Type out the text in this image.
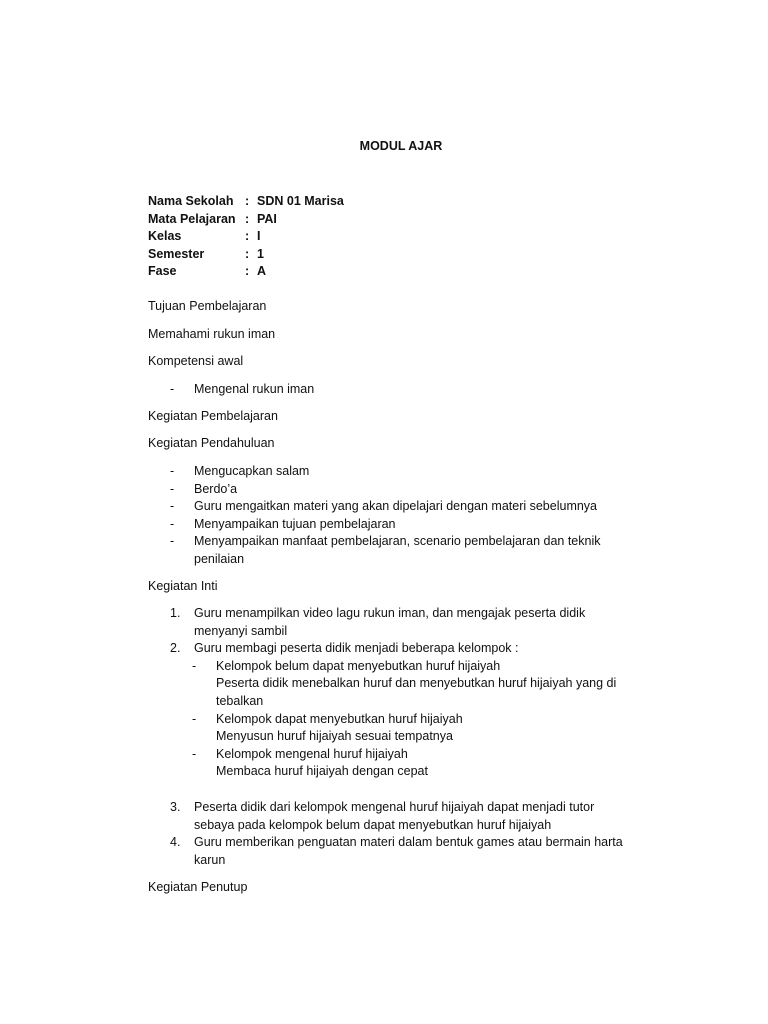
MODUL AJAR
Nama Sekolah : SDN 01 Marisa
Mata Pelajaran : PAI
Kelas	: I
Semester	: 1
Fase	: A
Tujuan Pembelajaran
Memahami rukun iman
Kompetensi awal
- Mengenal rukun iman
Kegiatan Pembelajaran
Kegiatan Pendahuluan
- Mengucapkan salam
- Berdo’a
- Guru mengaitkan materi yang akan dipelajari dengan materi sebelumnya
- Menyampaikan tujuan pembelajaran
- Menyampaikan manfaat pembelajaran, scenario pembelajaran dan teknik
penilaian
Kegiatan Inti
1. Guru menampilkan video lagu rukun iman, dan mengajak peserta didik
menyanyi sambil
2. Guru membagi peserta didik menjadi beberapa kelompok :
- Kelompok belum dapat menyebutkan huruf hijaiyah
Peserta didik menebalkan huruf dan menyebutkan huruf hijaiyah yang di
tebalkan
- Kelompok dapat menyebutkan huruf hijaiyah
Menyusun huruf hijaiyah sesuai tempatnya
- Kelompok mengenal huruf hijaiyah
Membaca huruf hijaiyah dengan cepat
3. Peserta didik dari kelompok mengenal huruf hijaiyah dapat menjadi tutor
sebaya pada kelompok belum dapat menyebutkan huruf hijaiyah
4. Guru memberikan penguatan materi dalam bentuk games atau bermain harta
karun
Kegiatan Penutup
